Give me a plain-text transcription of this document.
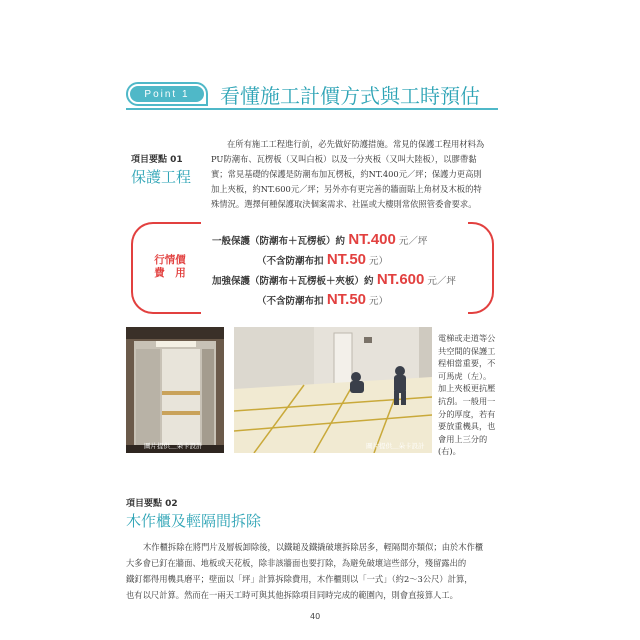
Point 1	看懂施工計價方式與工時預估
項目要點 01
保護工程
在所有施工工程進行前，必先做好防護措施。常見的保護工程用材料為
PU防潮布、瓦楞板（又叫白板）以及一分夾板（又叫大陸板），以膠帶黏
實；常見基礎的保護是防潮布加瓦楞板，約NT.400元／坪；保護力更高則
加上夾板，約NT.600元／坪；另外亦有更完善的牆面貼上角材及木板的特
殊情況。選擇何種保護取決個案需求、社區或大樓則常依照管委會要求。
行情價
費　用
一般保護（防潮布＋瓦楞板）約 NT.400 元／坪
（不含防潮布扣 NT.50 元）
加強保護（防潮布＋瓦楞板＋夾板）約 NT.600 元／坪
（不含防潮布扣 NT.50 元）
圖片提供＿朵卡設計	圖片提供＿朵卡設計
電梯或走道等公
共空間的保護工
程相當重要，不
可馬虎（左）。
加上夾板更抗壓
抗刮。一般用一
分的厚度，若有
要放重機具，也
會用上三分的
(右)。
項目要點 02
木作櫃及輕隔間拆除
木作櫃拆除在將門片及層板卸除後，以鐵鎚及鐵撬破壞拆除居多，輕隔間亦類似；由於木作櫃
大多會已釘在牆面、地板或天花板，除非該牆面也要打除，為避免破壞這些部分，殘留露出的
鐵釘都得用機具磨平；壁面以「坪」計算拆除費用，木作櫃則以「一式」（約2～3公尺）計算，
也有以尺計算。然而在一兩天工時可與其他拆除項目同時完成的範圍內，則會直接算人工。
40
